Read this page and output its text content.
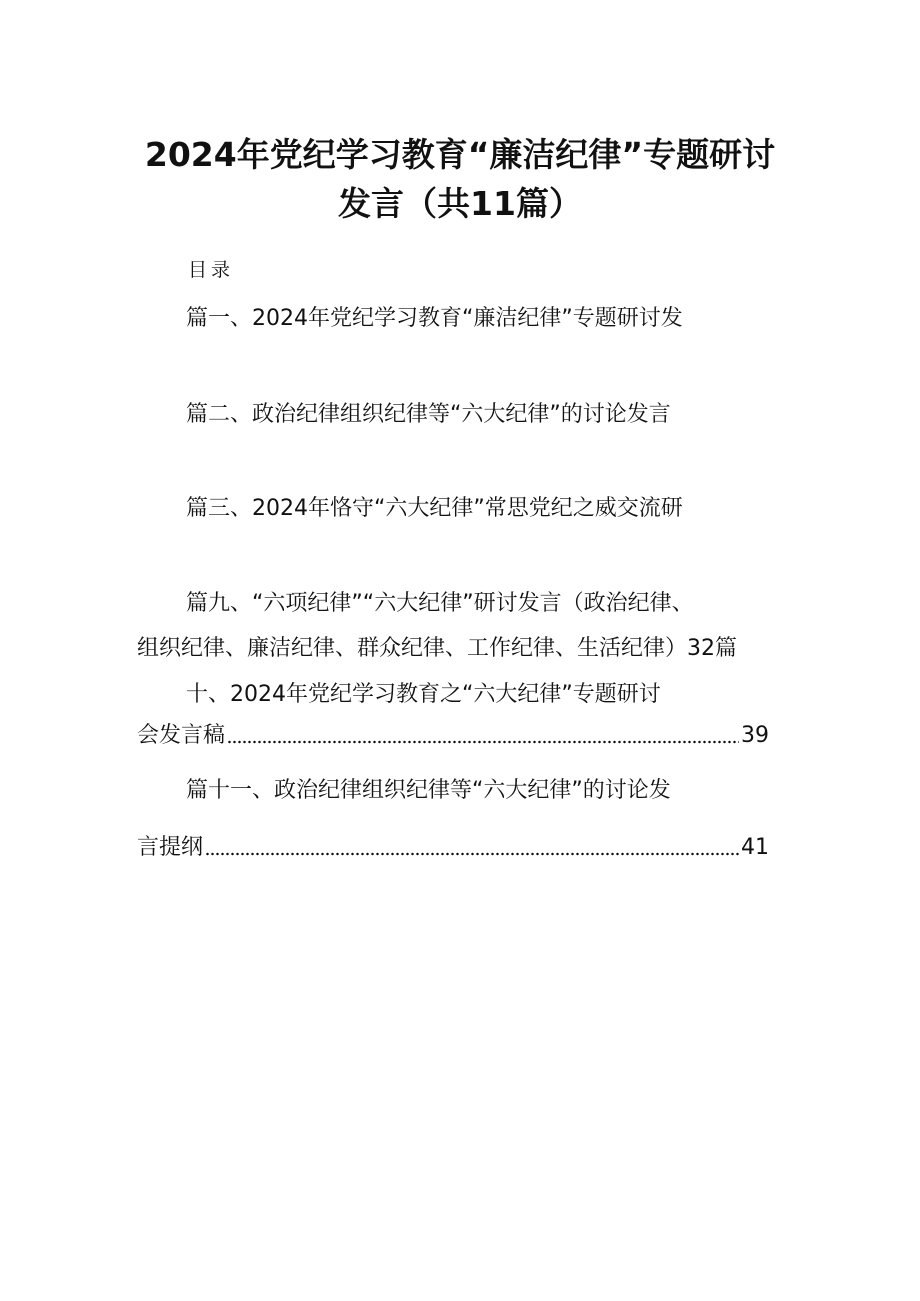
2024年党纪学习教育“廉洁纪律”专题研讨
发言（共11篇）
目录
篇一、2024年党纪学习教育“廉洁纪律”专题研讨发
篇二、政治纪律组织纪律等“六大纪律”的讨论发言
篇三、2024年恪守“六大纪律”常思党纪之威交流研
篇九、“六项纪律”“六大纪律”研讨发言（政治纪律、
组织纪律、廉洁纪律、群众纪律、工作纪律、生活纪律）32篇
十、2024年党纪学习教育之“六大纪律”专题研讨
会发言稿	39
篇十一、政治纪律组织纪律等“六大纪律”的讨论发
言提纲	41
